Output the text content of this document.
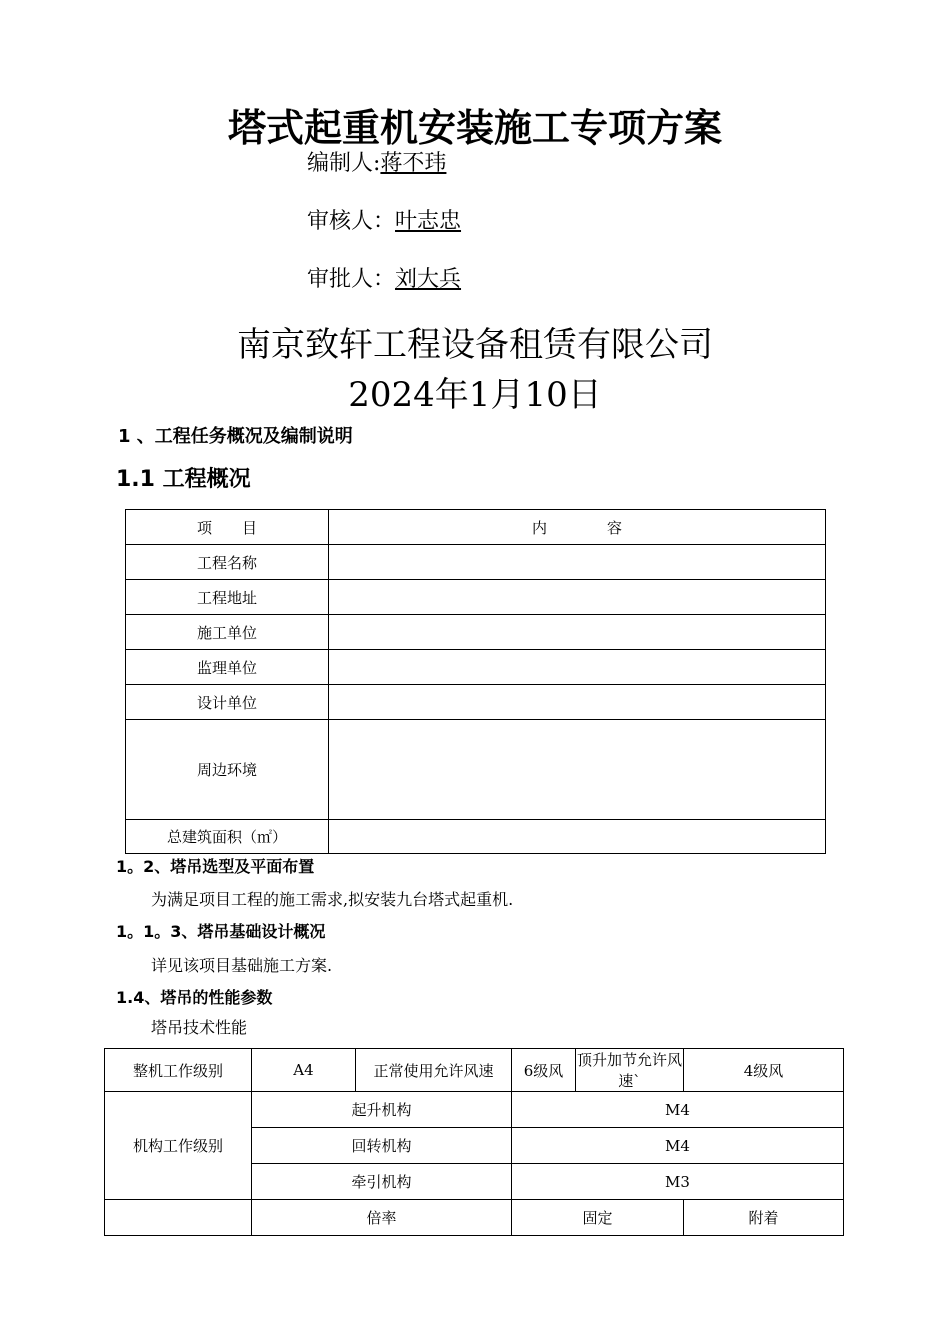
塔式起重机安装施工专项方案
编制人:蒋不玮
审核人：叶志忠
审批人：刘大兵
南京致轩工程设备租赁有限公司
2024年1月10日
1 、工程任务概况及编制说明
1.1 工程概况
项　　目	内　　　　容
工程名称	
工程地址	
施工单位	
监理单位	
设计单位	
周边环境	
总建筑面积（㎡）	
1。2、塔吊选型及平面布置
为满足项目工程的施工需求,拟安装九台塔式起重机.
1。1。3、塔吊基础设计概况
详见该项目基础施工方案.
1.4、塔吊的性能参数
塔吊技术性能
整机工作级别	A4	正常使用允许风速	6级风	顶升加节允许风速`	4级风
机构工作级别	起升机构		M4		
	回转机构		M4		
	牵引机构		M3		
	倍率		固定		附着
